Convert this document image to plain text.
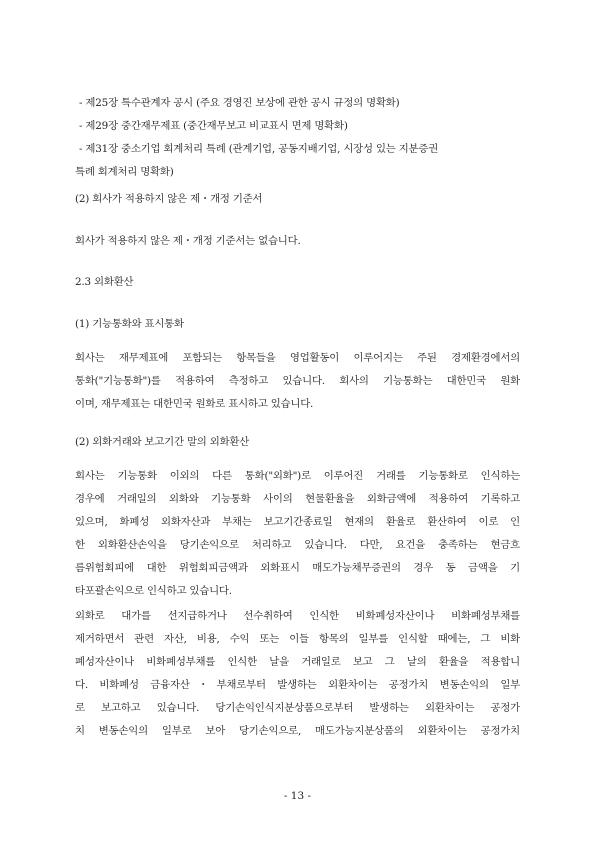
- 제25장 특수관계자 공시 (주요 경영진 보상에 관한 공시 규정의 명확화)
- 제29장 중간재무제표 (중간재무보고 비교표시 면제 명확화)
- 제31장 중소기업 회계처리 특례 (관계기업, 공동지배기업, 시장성 있는 지분증권
특례 회계처리 명확화)
(2) 회사가 적용하지 않은 제・개정 기준서
회사가 적용하지 않은 제・개정 기준서는 없습니다.
2.3 외화환산
(1) 기능통화와 표시통화
회사는 재무제표에 포함되는 항목들을 영업활동이 이루어지는 주된 경제환경에서의
통화("기능통화")를 적용하여 측정하고 있습니다. 회사의 기능통화는 대한민국 원화
이며, 재무제표는 대한민국 원화로 표시하고 있습니다.
(2) 외화거래와 보고기간 말의 외화환산
회사는 기능통화 이외의 다른 통화("외화")로 이루어진 거래를 기능통화로 인식하는
경우에 거래일의 외화와 기능통화 사이의 현물환율을 외화금액에 적용하여 기록하고
있으며, 화폐성 외화자산과 부채는 보고기간종료일 현재의 환율로 환산하여 이로 인
한 외화환산손익을 당기손익으로 처리하고 있습니다. 다만, 요건을 충족하는 현금흐
름위험회피에 대한 위험회피금액과 외화표시 매도가능채무증권의 경우 동 금액을 기
타포괄손익으로 인식하고 있습니다.
외화로 대가를 선지급하거나 선수취하여 인식한 비화폐성자산이나 비화폐성부채를
제거하면서 관련 자산, 비용, 수익 또는 이들 항목의 일부를 인식할 때에는, 그 비화
폐성자산이나 비화폐성부채를 인식한 날을 거래일로 보고 그 날의 환율을 적용합니
다. 비화폐성 금융자산・부채로부터 발생하는 외환차이는 공정가치 변동손익의 일부
로 보고하고 있습니다. 당기손익인식지분상품으로부터 발생하는 외환차이는 공정가
치 변동손익의 일부로 보아 당기손익으로, 매도가능지분상품의 외환차이는 공정가치
- 13 -
